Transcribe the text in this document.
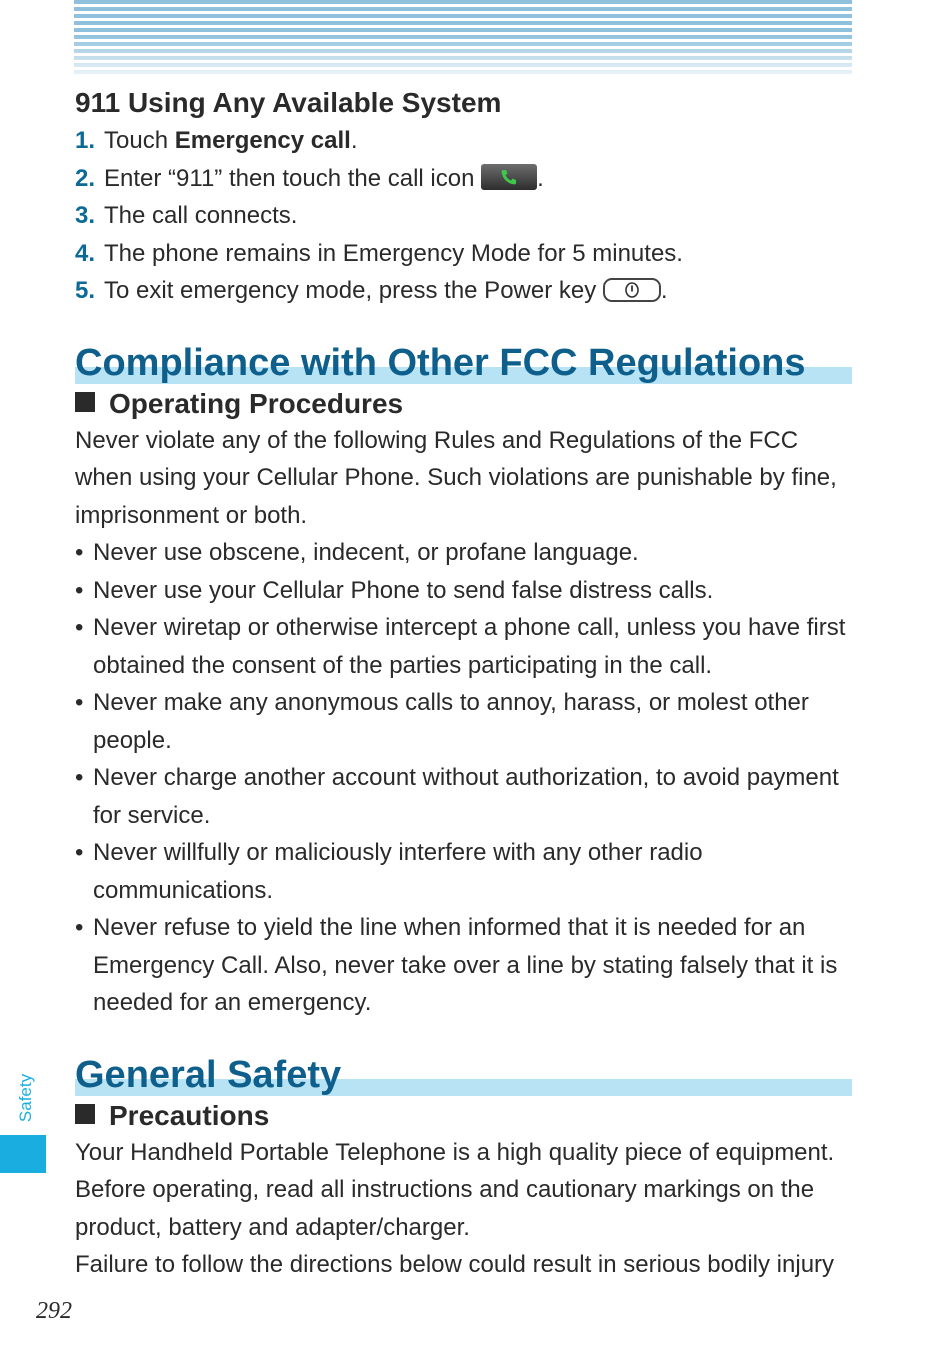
911 Using Any Available System
1. Touch Emergency call.
2. Enter “911” then touch the call icon
.
3. The call connects.
4. The phone remains in Emergency Mode for 5 minutes.
5. To exit emergency mode, press the Power key
.
Compliance with Other FCC Regulations
Operating Procedures

Never violate any of the following Rules and Regulations of the FCC when using your Cellular Phone. Such violations are punishable by fine, imprisonment or both.

• Never use obscene, indecent, or profane language.
• Never use your Cellular Phone to send false distress calls.
• Never wiretap or otherwise intercept a phone call, unless you have first obtained the consent of the parties participating in the call.
• Never make any anonymous calls to annoy, harass, or molest other people.
• Never charge another account without authorization, to avoid payment for service.
• Never willfully or maliciously interfere with any other radio communications.
• Never refuse to yield the line when informed that it is needed for an Emergency Call. Also, never take over a line by stating falsely that it is needed for an emergency.
General Safety
Precautions

Your Handheld Portable Telephone is a high quality piece of equipment. Before operating, read all instructions and cautionary markings on the product, battery and adapter/charger.

Failure to follow the directions below could result in serious bodily injury

Safety
292
